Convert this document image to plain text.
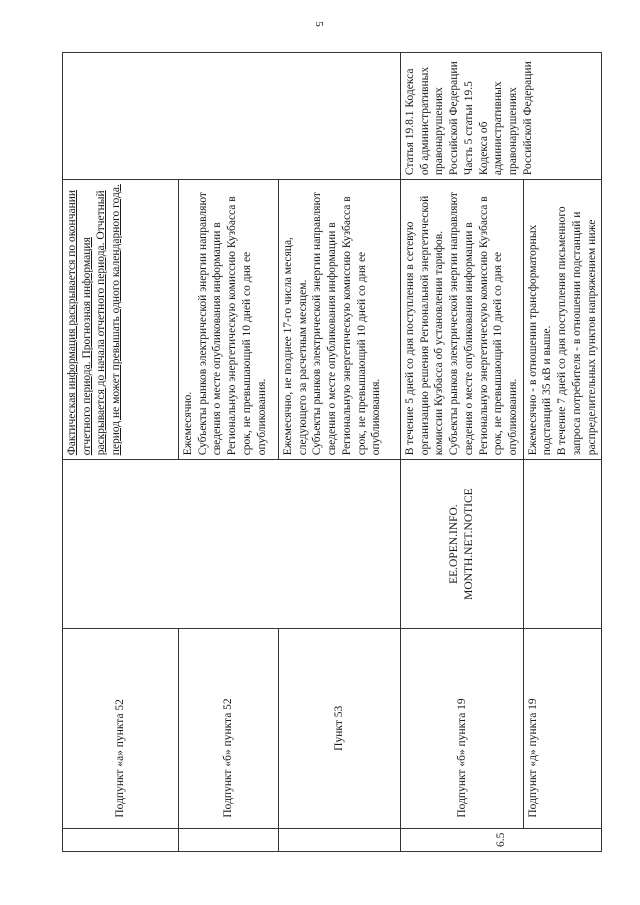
5
	Подпункт «а» пункта 52		Фактическая информация раскрывается по окончании отчетного периода. Прогнозная информация раскрывается до начала отчетного периода. Отчетный период не может превышать одного календарного года.	

	Подпункт «б» пункта 52		Ежемесячно. Субъекты рынков электрической энергии направляют сведения о месте опубликования информации в Региональную энергетическую комиссию Кузбасса в срок, не превышающий 10 дней со дня ее опубликования.	

	Пункт 53		Ежемесячно, не позднее 17-го числа месяца, следующего за расчетным месяцем. Субъекты рынков электрической энергии направляют сведения о месте опубликования информации в Региональную энергетическую комиссию Кузбасса в срок, не превышающий 10 дней со дня ее опубликования.	

6.5	Подпункт «б» пункта 19	EE.OPEN.INFO. MONTH.NET.NOTICE	В течение 5 дней со дня поступления в сетевую организацию решения Региональной энергетической комиссии Кузбасса об установлении тарифов. Субъекты рынков электрической энергии направляют сведения о месте опубликования информации в Региональную энергетическую комиссию Кузбасса в срок, не превышающий 10 дней со дня ее опубликования.	Статья 19.8.1 Кодекса об административных правонарушениях Российской Федерации Часть 5 статьи 19.5 Кодекса об административных правонарушениях Российской Федерации
	Подпункт «д» пункта 19		Ежемесячно - в отношении трансформаторных подстанций 35 кВ и выше. В течение 7 дней со дня поступления письменного запроса потребителя - в отношении подстанций и распределительных пунктов напряжением ниже	
